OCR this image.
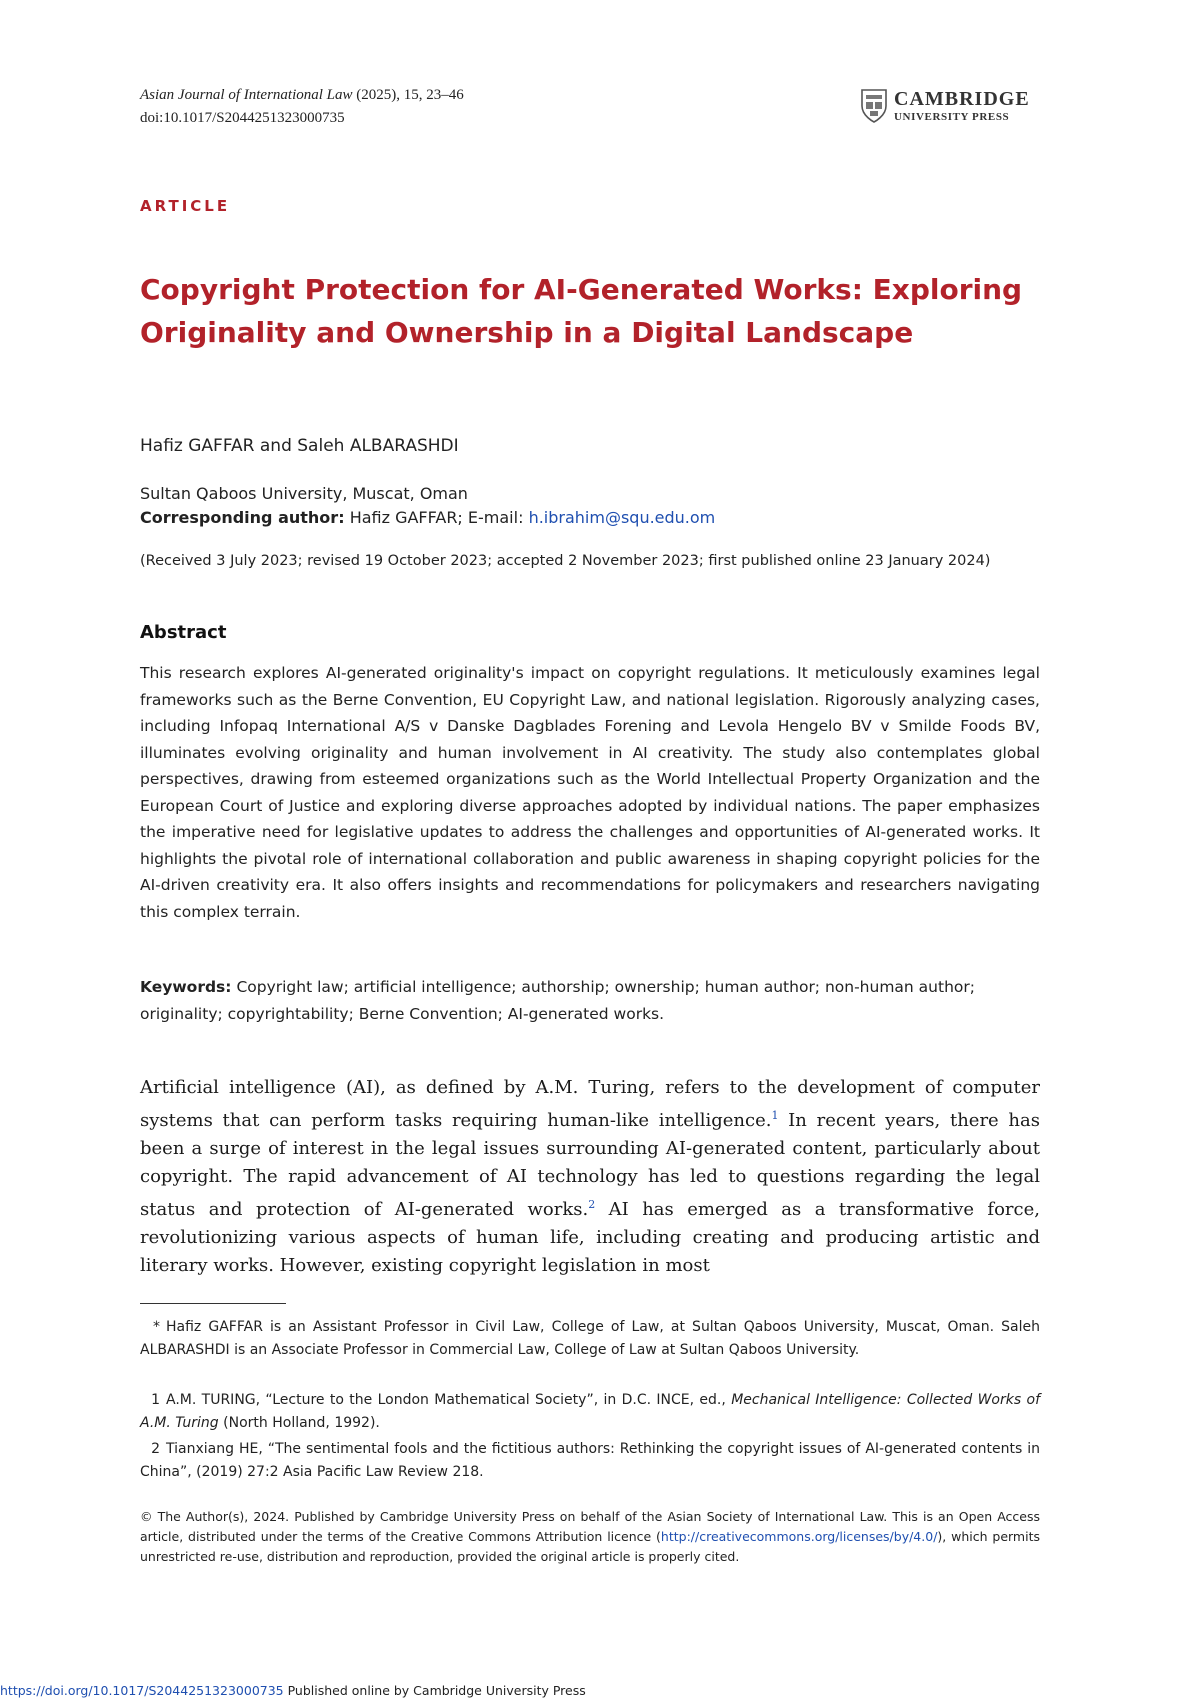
Asian Journal of International Law (2025), 15, 23–46
doi:10.1017/S2044251323000735
CAMBRIDGE
UNIVERSITY PRESS
ARTICLE
Copyright Protection for AI-Generated Works: Exploring Originality and Ownership in a Digital Landscape
Hafiz GAFFAR and Saleh ALBARASHDI
Sultan Qaboos University, Muscat, Oman
Corresponding author: Hafiz GAFFAR; E-mail: h.ibrahim@squ.edu.om
(Received 3 July 2023; revised 19 October 2023; accepted 2 November 2023; first published online 23 January 2024)
Abstract
This research explores AI-generated originality's impact on copyright regulations. It meticulously examines legal frameworks such as the Berne Convention, EU Copyright Law, and national legislation. Rigorously analyzing cases, including Infopaq International A/S v Danske Dagblades Forening and Levola Hengelo BV v Smilde Foods BV, illuminates evolving originality and human involvement in AI creativity. The study also contemplates global perspectives, drawing from esteemed organizations such as the World Intellectual Property Organization and the European Court of Justice and exploring diverse approaches adopted by individual nations. The paper emphasizes the imperative need for legislative updates to address the challenges and opportunities of AI-generated works. It highlights the pivotal role of international collaboration and public awareness in shaping copyright policies for the AI-driven creativity era. It also offers insights and recommendations for policymakers and researchers navigating this complex terrain.
Keywords: Copyright law; artificial intelligence; authorship; ownership; human author; non-human author; originality; copyrightability; Berne Convention; AI-generated works.
Artificial intelligence (AI), as defined by A.M. Turing, refers to the development of computer systems that can perform tasks requiring human-like intelligence.$^1$ In recent years, there has been a surge of interest in the legal issues surrounding AI-generated content, particularly about copyright. The rapid advancement of AI technology has led to questions regarding the legal status and protection of AI-generated works.$^2$ AI has emerged as a transformative force, revolutionizing various aspects of human life, including creating and producing artistic and literary works. However, existing copyright legislation in most
* Hafiz GAFFAR is an Assistant Professor in Civil Law, College of Law, at Sultan Qaboos University, Muscat, Oman. Saleh ALBARASHDI is an Associate Professor in Commercial Law, College of Law at Sultan Qaboos University.
1 A.M. TURING, “Lecture to the London Mathematical Society”, in D.C. INCE, ed., Mechanical Intelligence: Collected Works of A.M. Turing (North Holland, 1992).
2 Tianxiang HE, “The sentimental fools and the fictitious authors: Rethinking the copyright issues of AI-generated contents in China”, (2019) 27:2 Asia Pacific Law Review 218.
© The Author(s), 2024. Published by Cambridge University Press on behalf of the Asian Society of International Law. This is an Open Access article, distributed under the terms of the Creative Commons Attribution licence (http://creativecommons.org/licenses/by/4.0/), which permits unrestricted re-use, distribution and reproduction, provided the original article is properly cited.
https://doi.org/10.1017/S2044251323000735 Published online by Cambridge University Press
